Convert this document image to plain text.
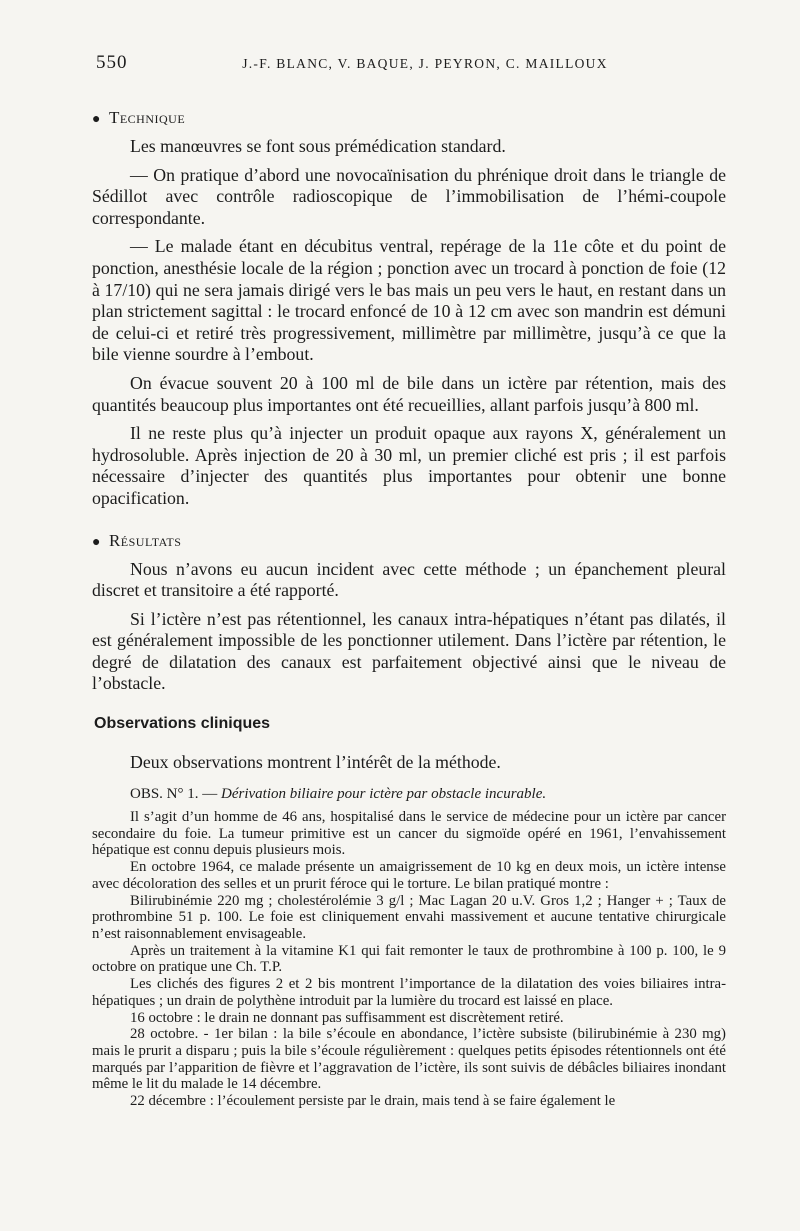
550	J.-F. BLANC, V. BAQUE, J. PEYRON, C. MAILLOUX
● Technique

Les manœuvres se font sous prémédication standard.

— On pratique d’abord une novocaïnisation du phrénique droit dans le triangle de Sédillot avec contrôle radioscopique de l’immobilisation de l’hémi-coupole correspondante.

— Le malade étant en décubitus ventral, repérage de la 11e côte et du point de ponction, anesthésie locale de la région ; ponction avec un trocard à ponction de foie (12 à 17/10) qui ne sera jamais dirigé vers le bas mais un peu vers le haut, en restant dans un plan strictement sagittal : le trocard enfoncé de 10 à 12 cm avec son mandrin est démuni de celui-ci et retiré très progressivement, millimètre par millimètre, jusqu’à ce que la bile vienne sourdre à l’embout.

On évacue souvent 20 à 100 ml de bile dans un ictère par rétention, mais des quantités beaucoup plus importantes ont été recueillies, allant parfois jusqu’à 800 ml.

Il ne reste plus qu’à injecter un produit opaque aux rayons X, généralement un hydrosoluble. Après injection de 20 à 30 ml, un premier cliché est pris ; il est parfois nécessaire d’injecter des quantités plus importantes pour obtenir une bonne opacification.

● Résultats

Nous n’avons eu aucun incident avec cette méthode ; un épanchement pleural discret et transitoire a été rapporté.

Si l’ictère n’est pas rétentionnel, les canaux intra-hépatiques n’étant pas dilatés, il est généralement impossible de les ponctionner utilement. Dans l’ictère par rétention, le degré de dilatation des canaux est parfaitement objectivé ainsi que le niveau de l’obstacle.

Observations cliniques

Deux observations montrent l’intérêt de la méthode.

OBS. N° 1. — Dérivation biliaire pour ictère par obstacle incurable.

Il s’agit d’un homme de 46 ans, hospitalisé dans le service de médecine pour un ictère par cancer secondaire du foie. La tumeur primitive est un cancer du sigmoïde opéré en 1961, l’envahissement hépatique est connu depuis plusieurs mois.

En octobre 1964, ce malade présente un amaigrissement de 10 kg en deux mois, un ictère intense avec décoloration des selles et un prurit féroce qui le torture. Le bilan pratiqué montre :

Bilirubinémie 220 mg ; cholestérolémie 3 g/l ; Mac Lagan 20 u.V. Gros 1,2 ; Hanger + ; Taux de prothrombine 51 p. 100. Le foie est cliniquement envahi massivement et aucune tentative chirurgicale n’est raisonnablement envisageable.

Après un traitement à la vitamine K1 qui fait remonter le taux de prothrombine à 100 p. 100, le 9 octobre on pratique une Ch. T.P.

Les clichés des figures 2 et 2 bis montrent l’importance de la dilatation des voies biliaires intra-hépatiques ; un drain de polythène introduit par la lumière du trocard est laissé en place.

16 octobre : le drain ne donnant pas suffisamment est discrètement retiré.

28 octobre. - 1er bilan : la bile s’écoule en abondance, l’ictère subsiste (bilirubinémie à 230 mg) mais le prurit a disparu ; puis la bile s’écoule régulièrement : quelques petits épisodes rétentionnels ont été marqués par l’apparition de fièvre et l’aggravation de l’ictère, ils sont suivis de débâcles biliaires inondant même le lit du malade le 14 décembre.

22 décembre : l’écoulement persiste par le drain, mais tend à se faire également le
